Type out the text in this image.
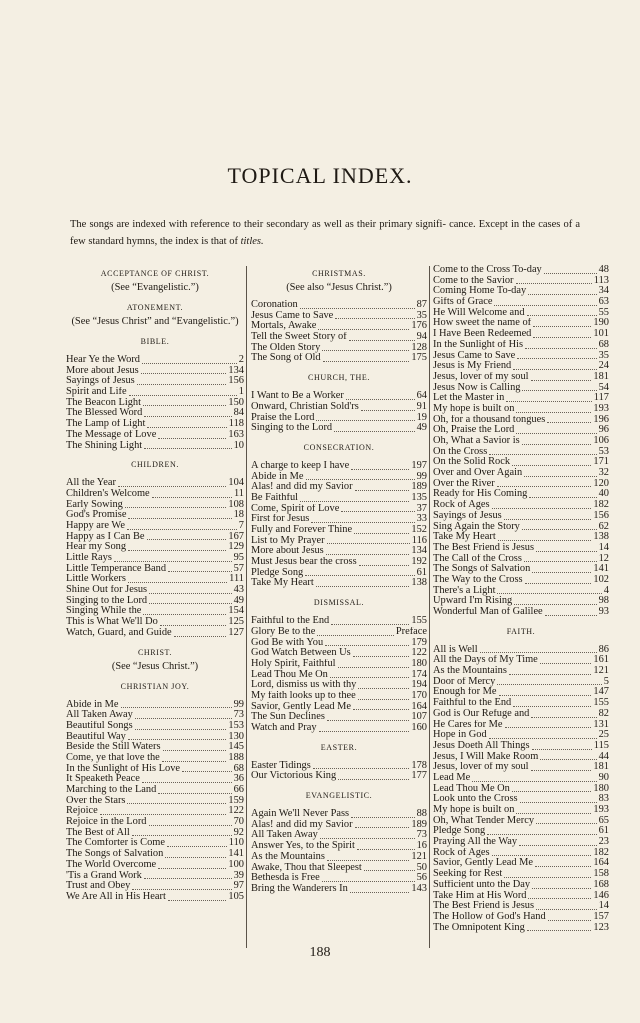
TOPICAL INDEX.
The songs are indexed with reference to their secondary as well as their primary signifi- cance. Except in the cases of a few standard hymns, the index is that of titles.
ACCEPTANCE OF CHRIST.
(See “Evangelistic.”)
ATONEMENT.
(See “Jesus Christ” and “Evangelistic.”)
BIBLE.
Hear Ye the Word	2
More about Jesus	134
Sayings of Jesus	156
Spirit and Life	1
The Beacon Light	150
The Blessed Word	84
The Lamp of Light	118
The Message of Love	163
The Shining Light	10
CHILDREN.
All the Year	104
Children's Welcome	11
Early Sowing	108
God's Promise	18
Happy are We	7
Happy as I Can Be	167
Hear my Song	129
Little Rays	95
Little Temperance Band	57
Little Workers	111
Shine Out for Jesus	43
Singing to the Lord	49
Singing While the	154
This is What We'll Do	125
Watch, Guard, and Guide	127
CHRIST.
(See “Jesus Christ.”)
CHRISTIAN JOY.
Abide in Me	99
All Taken Away	73
Beautiful Songs	153
Beautiful Way	130
Beside the Still Waters	145
Come, ye that love the	188
In the Sunlight of His Love	68
It Speaketh Peace	36
Marching to the Land	66
Over the Stars	159
Rejoice	122
Rejoice in the Lord	70
The Best of All	92
The Comforter is Come	110
The Songs of Salvation	141
The World Overcome	100
'Tis a Grand Work	39
Trust and Obey	97
We Are All in His Heart	105
CHRISTMAS.
(See also “Jesus Christ.”)
Coronation	87
Jesus Came to Save	35
Mortals, Awake	176
Tell the Sweet Story of	94
The Olden Story	128
The Song of Old	175
CHURCH, THE.
I Want to Be a Worker	64
Onward, Christian Sold'rs	91
Praise the Lord	19
Singing to the Lord	49
CONSECRATION.
A charge to keep I have	197
Abide in Me	99
Alas! and did my Savior	189
Be Faithful	135
Come, Spirit of Love	37
First for Jesus	33
Fully and Forever Thine	152
List to My Prayer	116
More about Jesus	134
Must Jesus bear the cross	192
Pledge Song	61
Take My Heart	138
DISMISSAL.
Faithful to the End	155
Glory Be to the	Preface
God Be with You	179
God Watch Between Us	122
Holy Spirit, Faithful	180
Lead Thou Me On	174
Lord, dismiss us with thy	194
My faith looks up to thee	170
Savior, Gently Lead Me	164
The Sun Declines	107
Watch and Pray	160
EASTER.
Easter Tidings	178
Our Victorious King	177
EVANGELISTIC.
Again We'll Never Pass	88
Alas! and did my Savior	189
All Taken Away	73
Answer Yes, to the Spirit	16
As the Mountains	121
Awake, Thou that Sleepest	50
Bethesda is Free	56
Bring the Wanderers In	143
Come to the Cross To-day	48
Come to the Savior	113
Coming Home To-day	34
Gifts of Grace	63
He Will Welcome and	55
How sweet the name of	190
I Have Been Redeemed	101
In the Sunlight of His	68
Jesus Came to Save	35
Jesus is My Friend	24
Jesus, lover of my soul	181
Jesus Now is Calling	54
Let the Master in	117
My hope is built on	193
Oh, for a thousand tongues	196
Oh, Praise the Lord	96
Oh, What a Savior is	106
On the Cross	53
On the Solid Rock	171
Over and Over Again	32
Over the River	120
Ready for His Coming	40
Rock of Ages	182
Sayings of Jesus	156
Sing Again the Story	62
Take My Heart	138
The Best Friend is Jesus	14
The Call of the Cross	12
The Songs of Salvation	141
The Way to the Cross	102
There's a Light	4
Upward I'm Rising	98
Wonderful Man of Galilee	93
FAITH.
All is Well	86
All the Days of My Time	161
As the Mountains	121
Door of Mercy	5
Enough for Me	147
Faithful to the End	155
God is Our Refuge and	82
He Cares for Me	131
Hope in God	25
Jesus Doeth All Things	115
Jesus, I Will Make Room	44
Jesus, lover of my soul	181
Lead Me	90
Lead Thou Me On	180
Look unto the Cross	83
My hope is built on	193
Oh, What Tender Mercy	65
Pledge Song	61
Praying All the Way	23
Rock of Ages	182
Savior, Gently Lead Me	164
Seeking for Rest	158
Sufficient unto the Day	168
Take Him at His Word	146
The Best Friend is Jesus	14
The Hollow of God's Hand	157
The Omnipotent King	123
188
